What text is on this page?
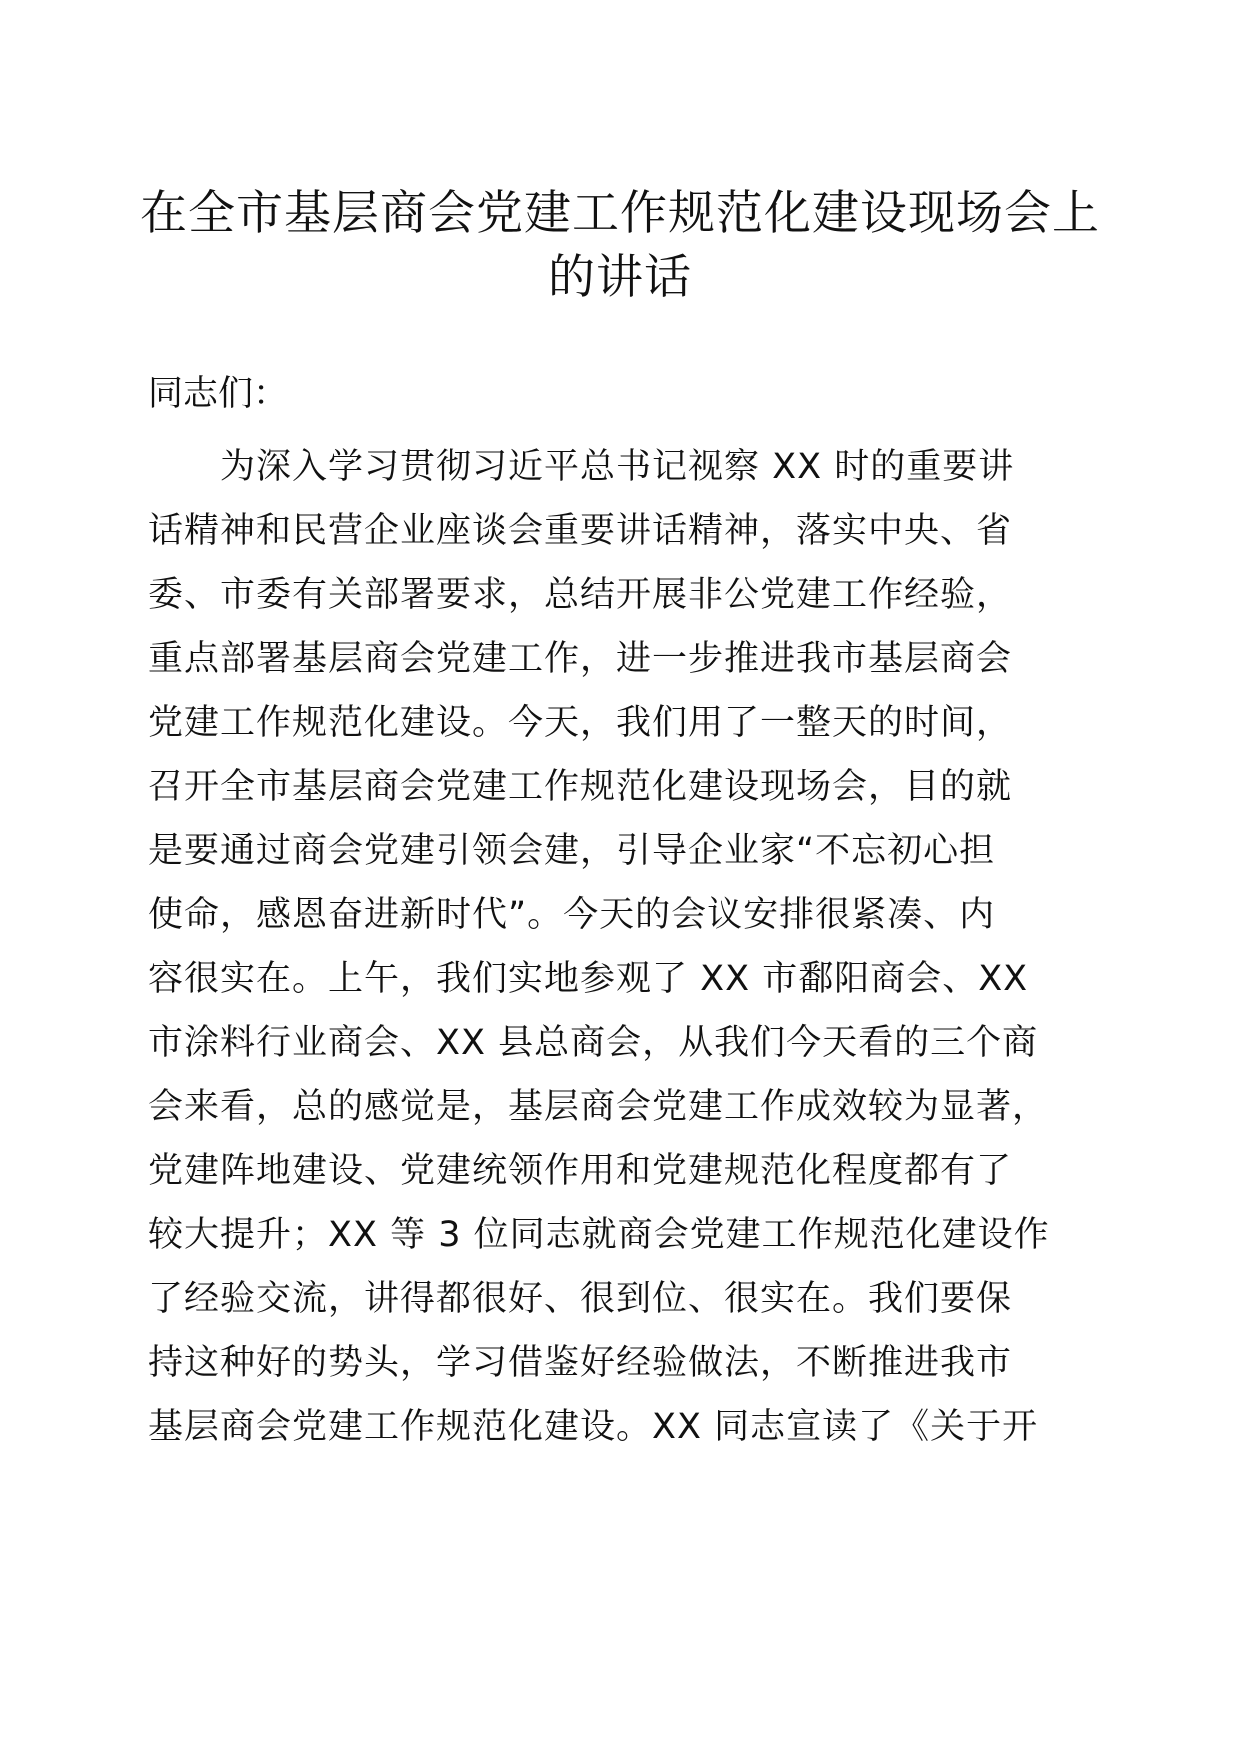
在全市基层商会党建工作规范化建设现场会上
的讲话

同志们：

　　为深入学习贯彻习近平总书记视察 XX 时的重要讲
话精神和民营企业座谈会重要讲话精神，落实中央、省
委、市委有关部署要求，总结开展非公党建工作经验，
重点部署基层商会党建工作，进一步推进我市基层商会
党建工作规范化建设。今天，我们用了一整天的时间，
召开全市基层商会党建工作规范化建设现场会，目的就
是要通过商会党建引领会建，引导企业家“不忘初心担
使命，感恩奋进新时代”。今天的会议安排很紧凑、内
容很实在。上午，我们实地参观了 XX 市鄱阳商会、XX
市涂料行业商会、XX 县总商会，从我们今天看的三个商
会来看，总的感觉是，基层商会党建工作成效较为显著，
党建阵地建设、党建统领作用和党建规范化程度都有了
较大提升；XX 等 3 位同志就商会党建工作规范化建设作
了经验交流，讲得都很好、很到位、很实在。我们要保
持这种好的势头，学习借鉴好经验做法，不断推进我市
基层商会党建工作规范化建设。XX 同志宣读了《关于开
